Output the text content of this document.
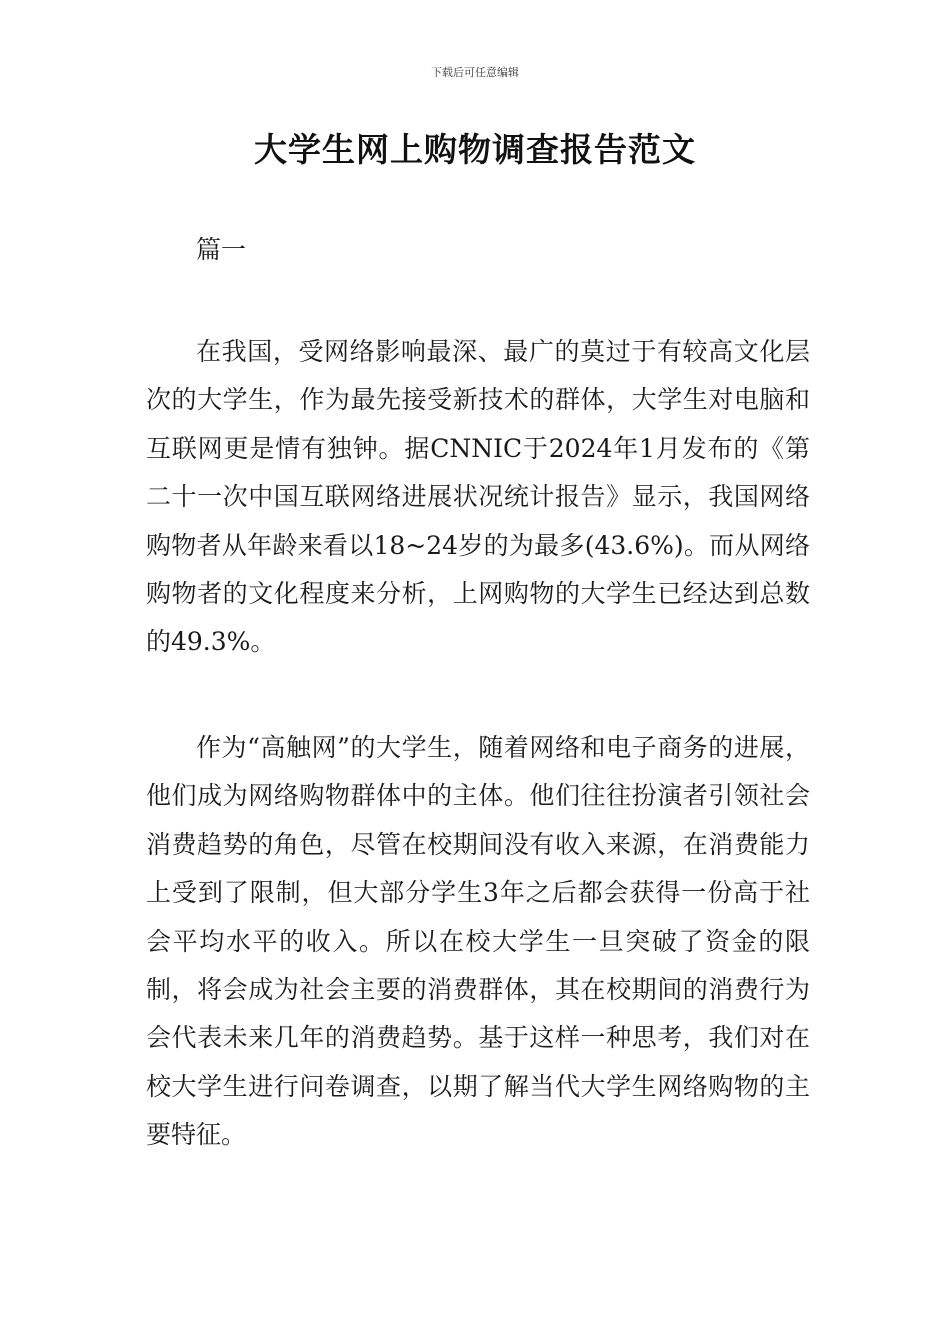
下载后可任意编辑
大学生网上购物调查报告范文
篇一

在我国，受网络影响最深、最广的莫过于有较高文化层次的大学生，作为最先接受新技术的群体，大学生对电脑和互联网更是情有独钟。据CNNIC于2024年1月发布的《第二十一次中国互联网络进展状况统计报告》显示，我国网络购物者从年龄来看以18~24岁的为最多(43.6%)。而从网络购物者的文化程度来分析，上网购物的大学生已经达到总数的49.3%。

作为“高触网”的大学生，随着网络和电子商务的进展，他们成为网络购物群体中的主体。他们往往扮演者引领社会消费趋势的角色，尽管在校期间没有收入来源，在消费能力上受到了限制，但大部分学生3年之后都会获得一份高于社会平均水平的收入。所以在校大学生一旦突破了资金的限制，将会成为社会主要的消费群体，其在校期间的消费行为会代表未来几年的消费趋势。基于这样一种思考，我们对在校大学生进行问卷调查，以期了解当代大学生网络购物的主要特征。
